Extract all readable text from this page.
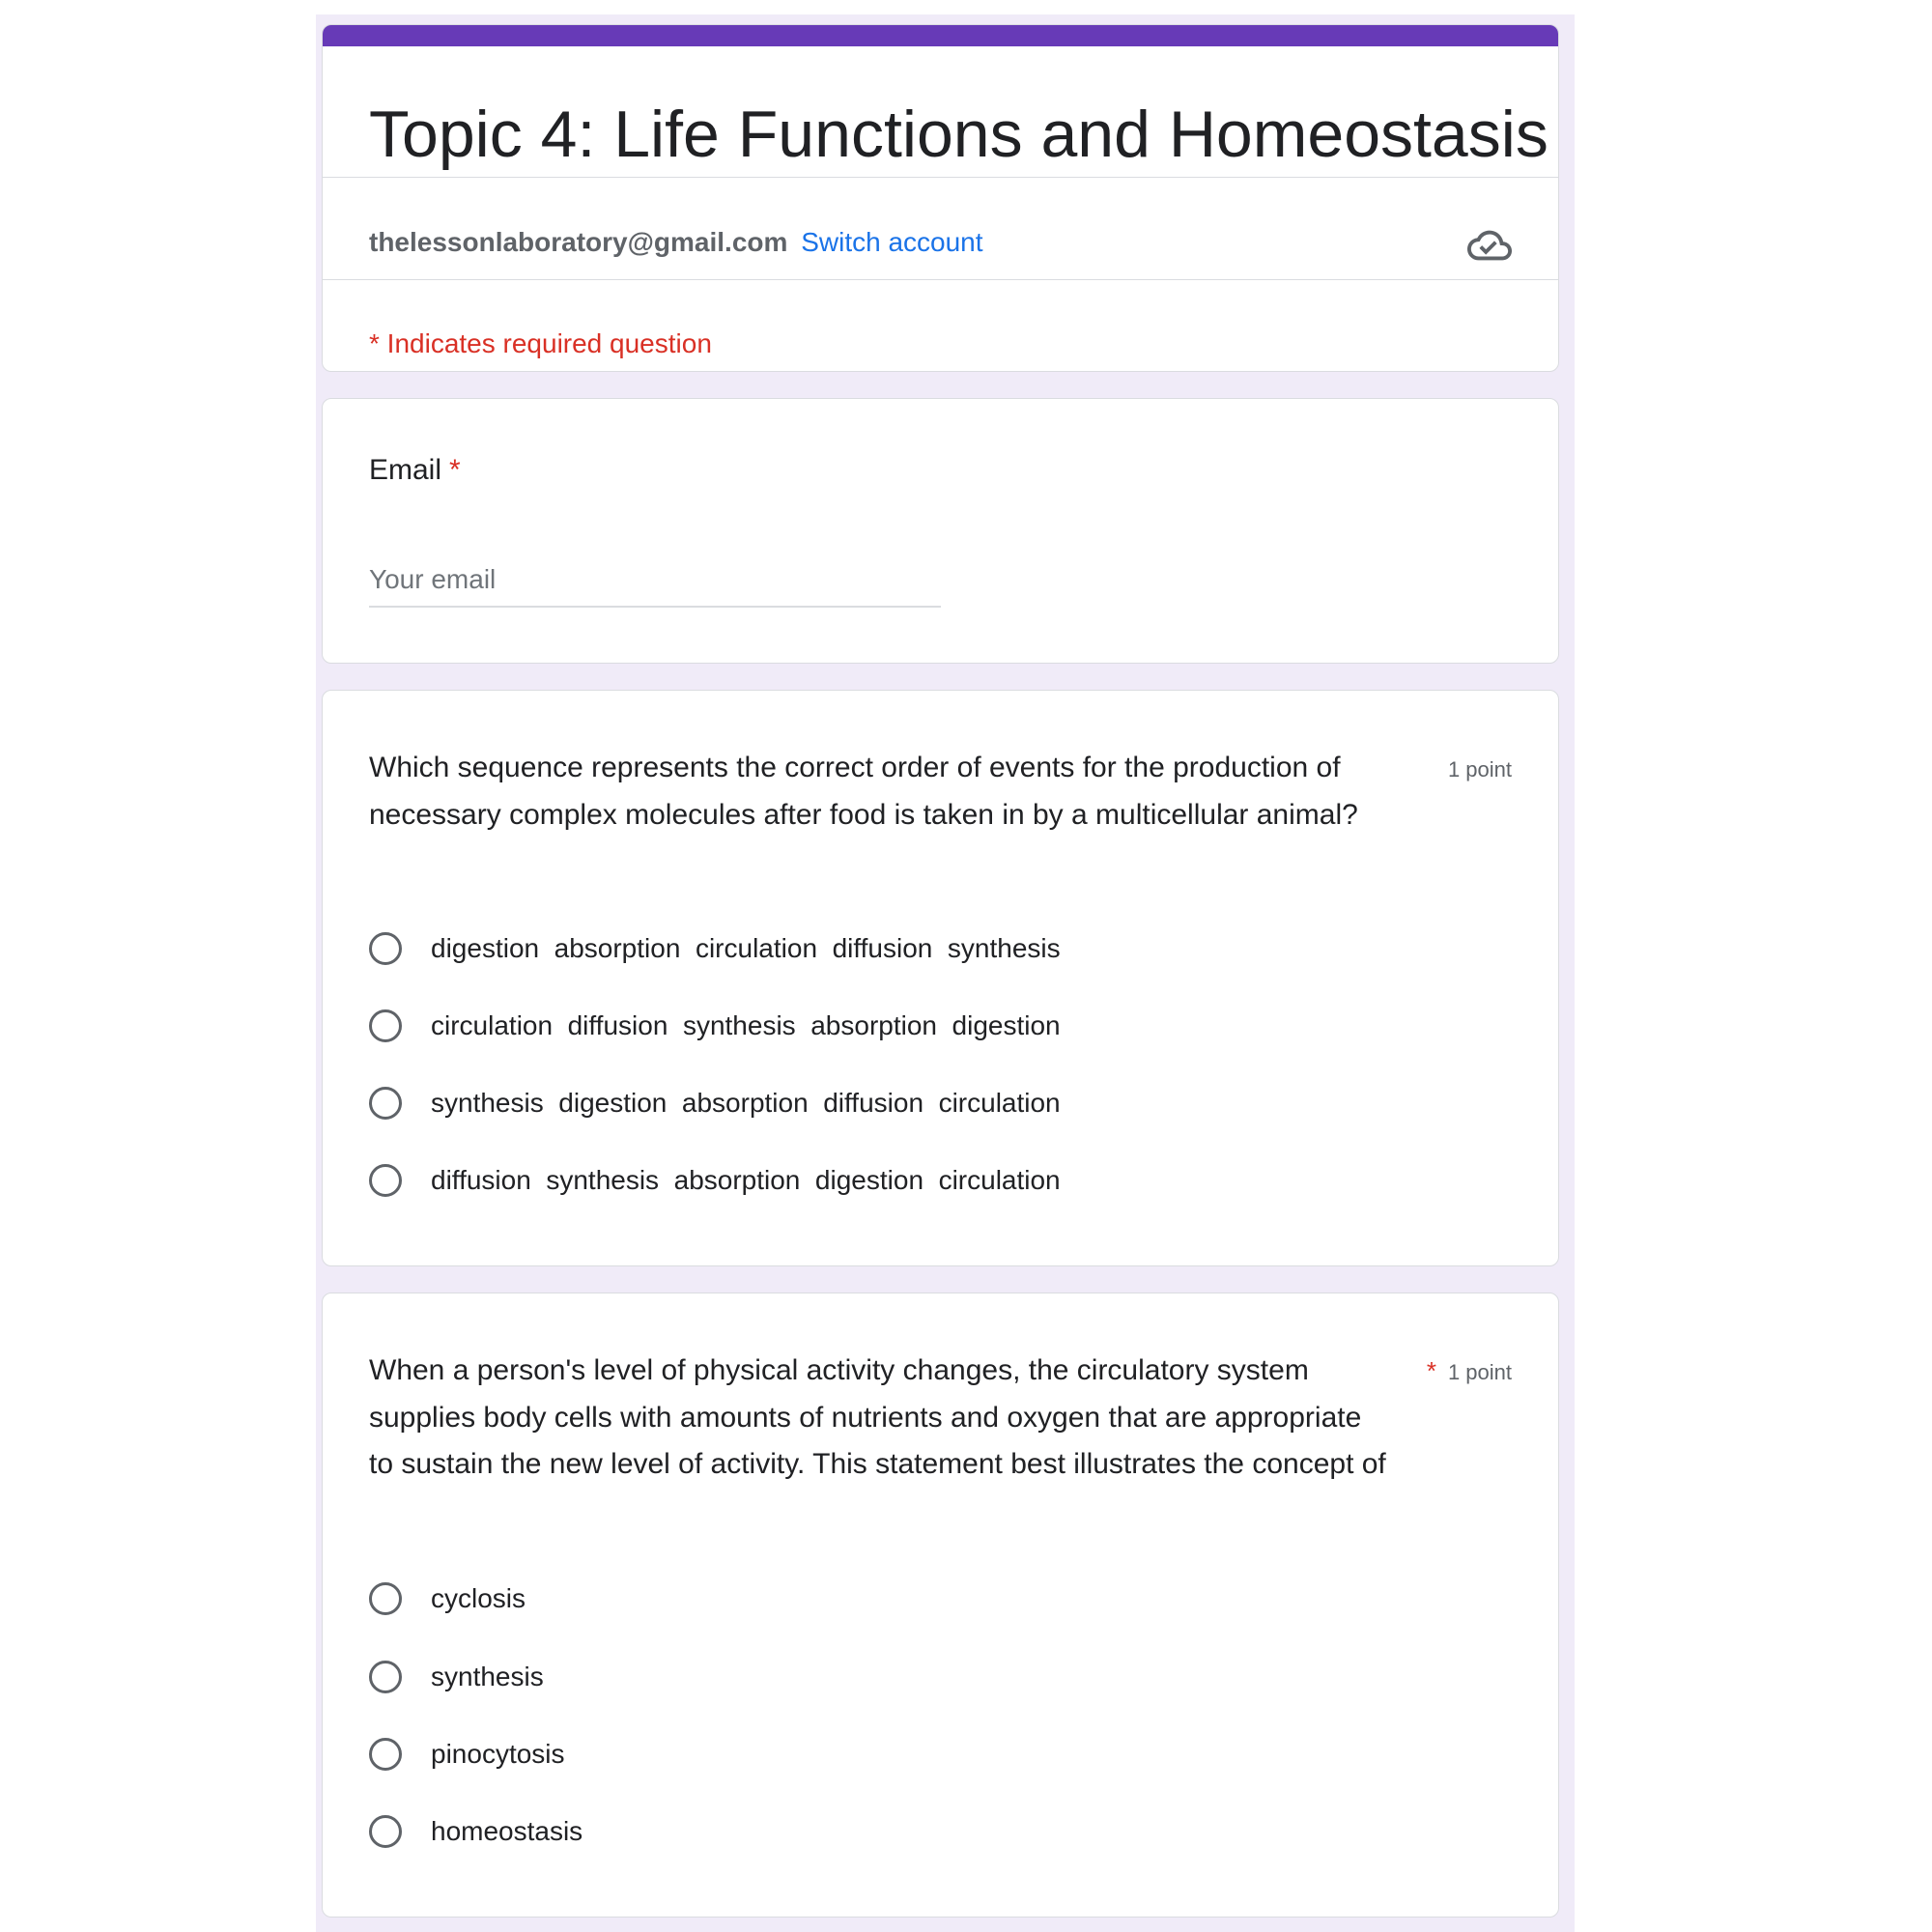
Topic 4: Life Functions and Homeostasis
thelessonlaboratory@gmail.com Switch account
* Indicates required question
Email *
Your email
Which sequence represents the correct order of events for the production of necessary complex molecules after food is taken in by a multicellular animal?
1 point
digestion  absorption  circulation  diffusion  synthesis
circulation  diffusion  synthesis  absorption  digestion
synthesis  digestion  absorption  diffusion  circulation
diffusion  synthesis  absorption  digestion  circulation
When a person's level of physical activity changes, the circulatory system supplies body cells with amounts of nutrients and oxygen that are appropriate to sustain the new level of activity. This statement best illustrates the concept of
* 1 point
cyclosis
synthesis
pinocytosis
homeostasis
